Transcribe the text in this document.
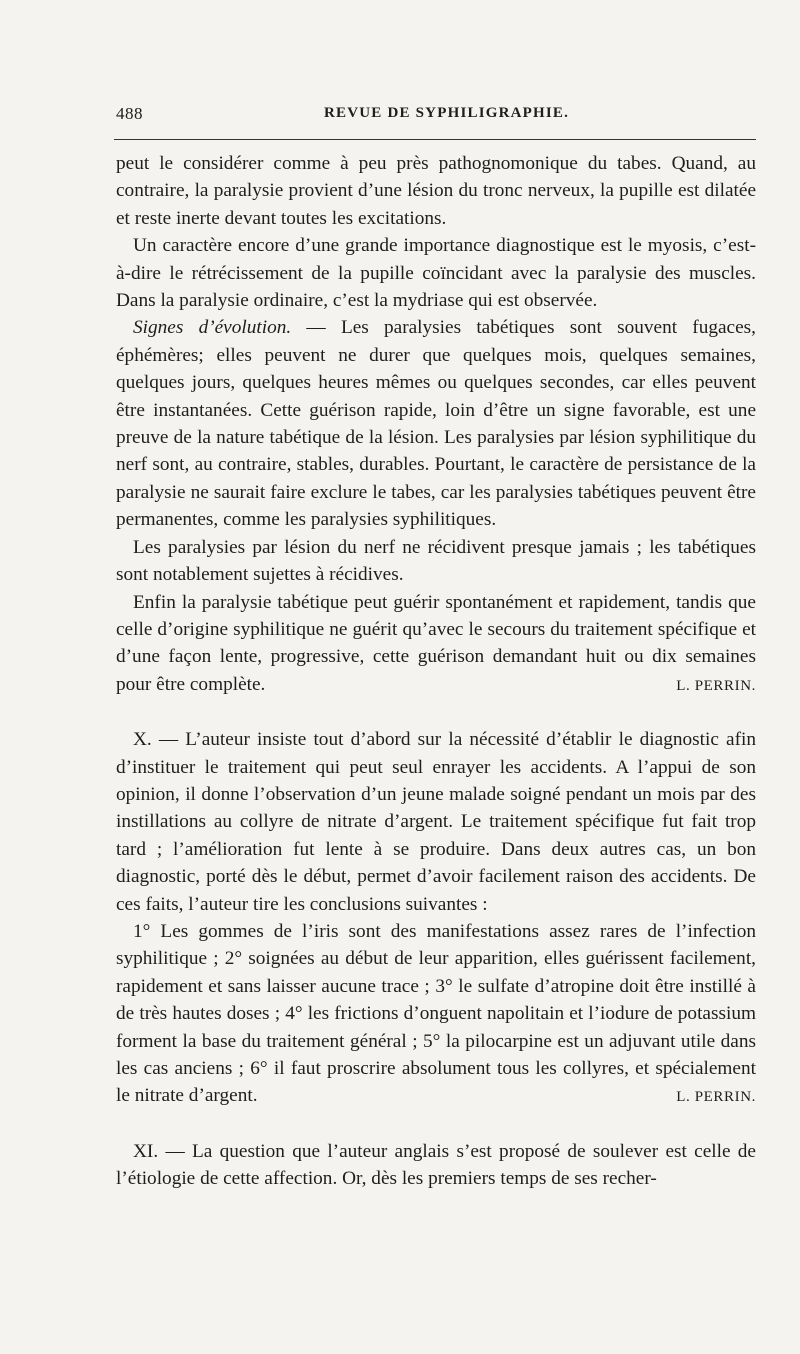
488	REVUE DE SYPHILIGRAPHIE.

peut le considérer comme à peu près pathognomonique du tabes. Quand, au contraire, la paralysie provient d’une lésion du tronc nerveux, la pupille est dilatée et reste inerte devant toutes les excitations.

Un caractère encore d’une grande importance diagnostique est le myosis, c’est-à-dire le rétrécissement de la pupille coïncidant avec la paralysie des muscles. Dans la paralysie ordinaire, c’est la mydriase qui est observée.

Signes d’évolution. — Les paralysies tabétiques sont souvent fugaces, éphémères; elles peuvent ne durer que quelques mois, quelques semaines, quelques jours, quelques heures mêmes ou quelques secondes, car elles peuvent être instantanées. Cette guérison rapide, loin d’être un signe favorable, est une preuve de la nature tabétique de la lésion. Les paralysies par lésion syphilitique du nerf sont, au contraire, stables, durables. Pourtant, le caractère de persistance de la paralysie ne saurait faire exclure le tabes, car les paralysies tabétiques peuvent être permanentes, comme les paralysies syphilitiques.

Les paralysies par lésion du nerf ne récidivent presque jamais ; les tabétiques sont notablement sujettes à récidives.

Enfin la paralysie tabétique peut guérir spontanément et rapidement, tandis que celle d’origine syphilitique ne guérit qu’avec le secours du traitement spécifique et d’une façon lente, progressive, cette guérison demandant huit ou dix semaines pour être complète.	L. PERRIN.

X. — L’auteur insiste tout d’abord sur la nécessité d’établir le diagnostic afin d’instituer le traitement qui peut seul enrayer les accidents. A l’appui de son opinion, il donne l’observation d’un jeune malade soigné pendant un mois par des instillations au collyre de nitrate d’argent. Le traitement spécifique fut fait trop tard ; l’amélioration fut lente à se produire. Dans deux autres cas, un bon diagnostic, porté dès le début, permet d’avoir facilement raison des accidents. De ces faits, l’auteur tire les conclusions suivantes :

1° Les gommes de l’iris sont des manifestations assez rares de l’infection syphilitique ; 2° soignées au début de leur apparition, elles guérissent facilement, rapidement et sans laisser aucune trace ; 3° le sulfate d’atropine doit être instillé à de très hautes doses ; 4° les frictions d’onguent napolitain et l’iodure de potassium forment la base du traitement général ; 5° la pilocarpine est un adjuvant utile dans les cas anciens ; 6° il faut proscrire absolument tous les collyres, et spécialement le nitrate d’argent.	L. PERRIN.

XI. — La question que l’auteur anglais s’est proposé de soulever est celle de l’étiologie de cette affection. Or, dès les premiers temps de ses recher-
